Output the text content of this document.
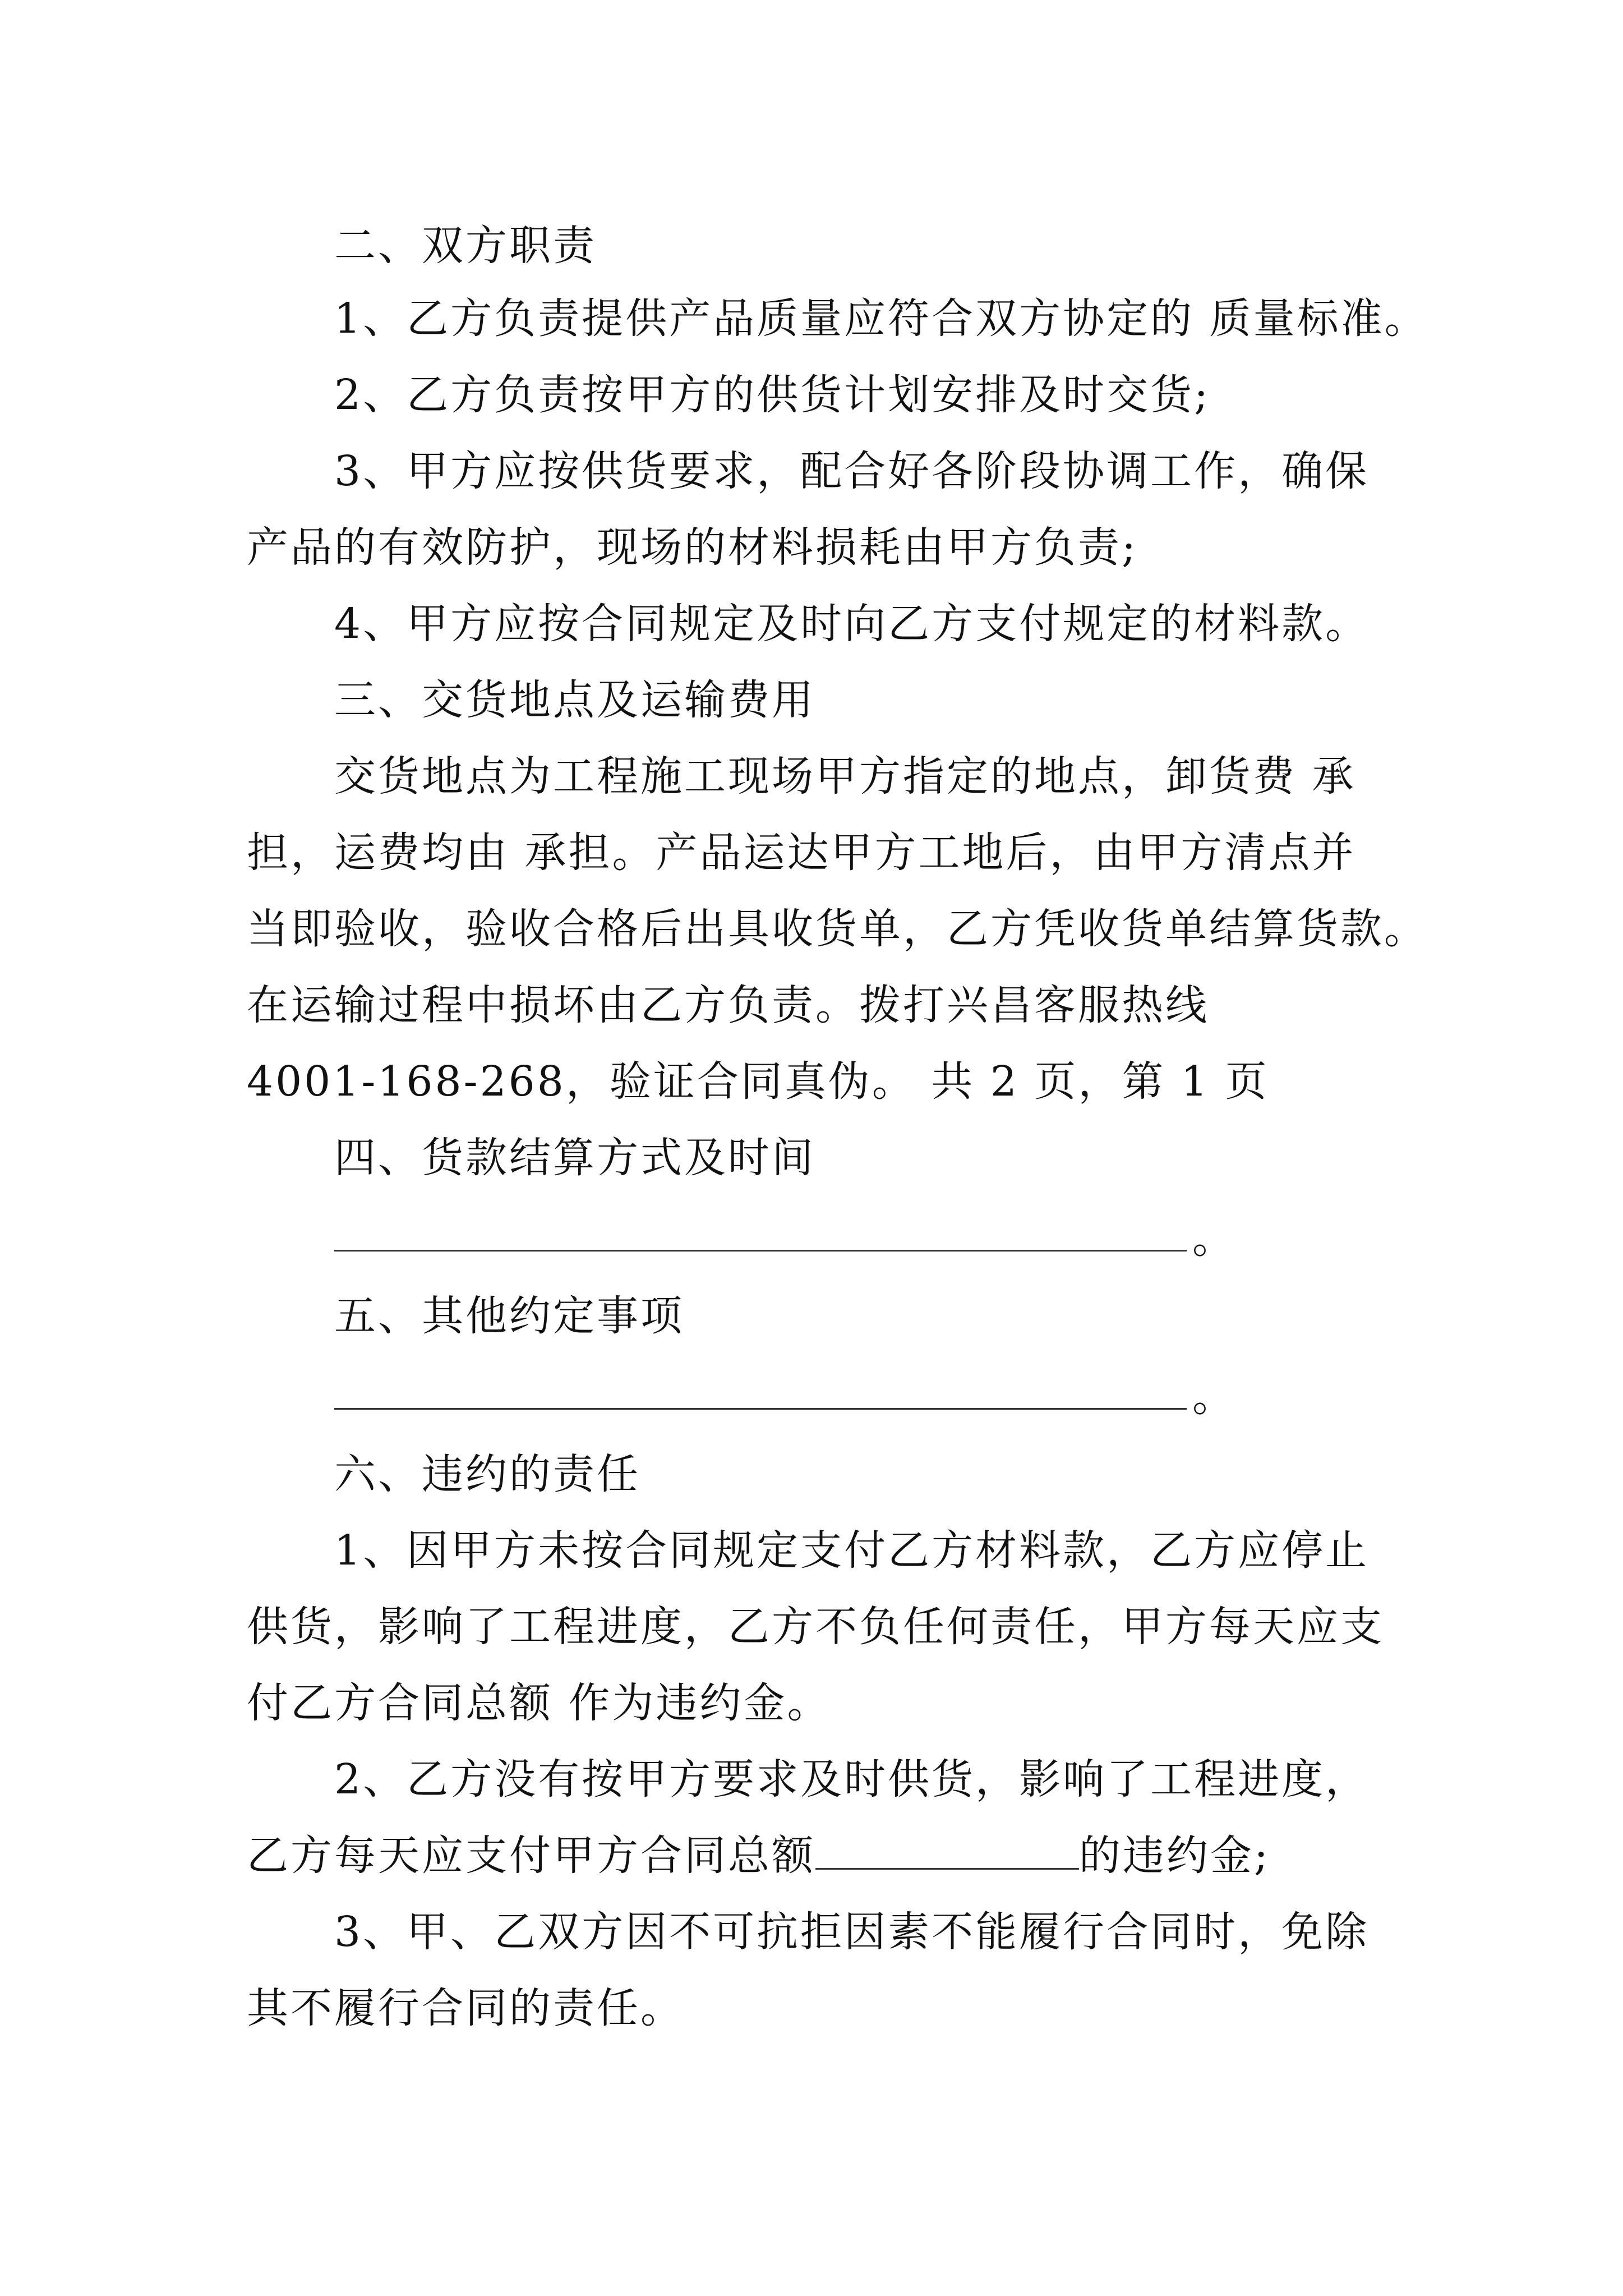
二、双方职责
1、乙方负责提供产品质量应符合双方协定的 质量标准。
2、乙方负责按甲方的供货计划安排及时交货;
3、甲方应按供货要求，配合好各阶段协调工作，确保
产品的有效防护，现场的材料损耗由甲方负责;
4、甲方应按合同规定及时向乙方支付规定的材料款。
三、交货地点及运输费用
交货地点为工程施工现场甲方指定的地点，卸货费 承
担，运费均由 承担。产品运达甲方工地后，由甲方清点并
当即验收，验收合格后出具收货单，乙方凭收货单结算货款。
在运输过程中损坏由乙方负责。拨打兴昌客服热线
4001-168-268，验证合同真伪。 共 2 页，第 1 页
四、货款结算方式及时间
。
五、其他约定事项
。
六、违约的责任
1、因甲方未按合同规定支付乙方材料款，乙方应停止
供货，影响了工程进度，乙方不负任何责任，甲方每天应支
付乙方合同总额 作为违约金。
2、乙方没有按甲方要求及时供货，影响了工程进度，
乙方每天应支付甲方合同总额	的违约金;
3、甲、乙双方因不可抗拒因素不能履行合同时，免除
其不履行合同的责任。
